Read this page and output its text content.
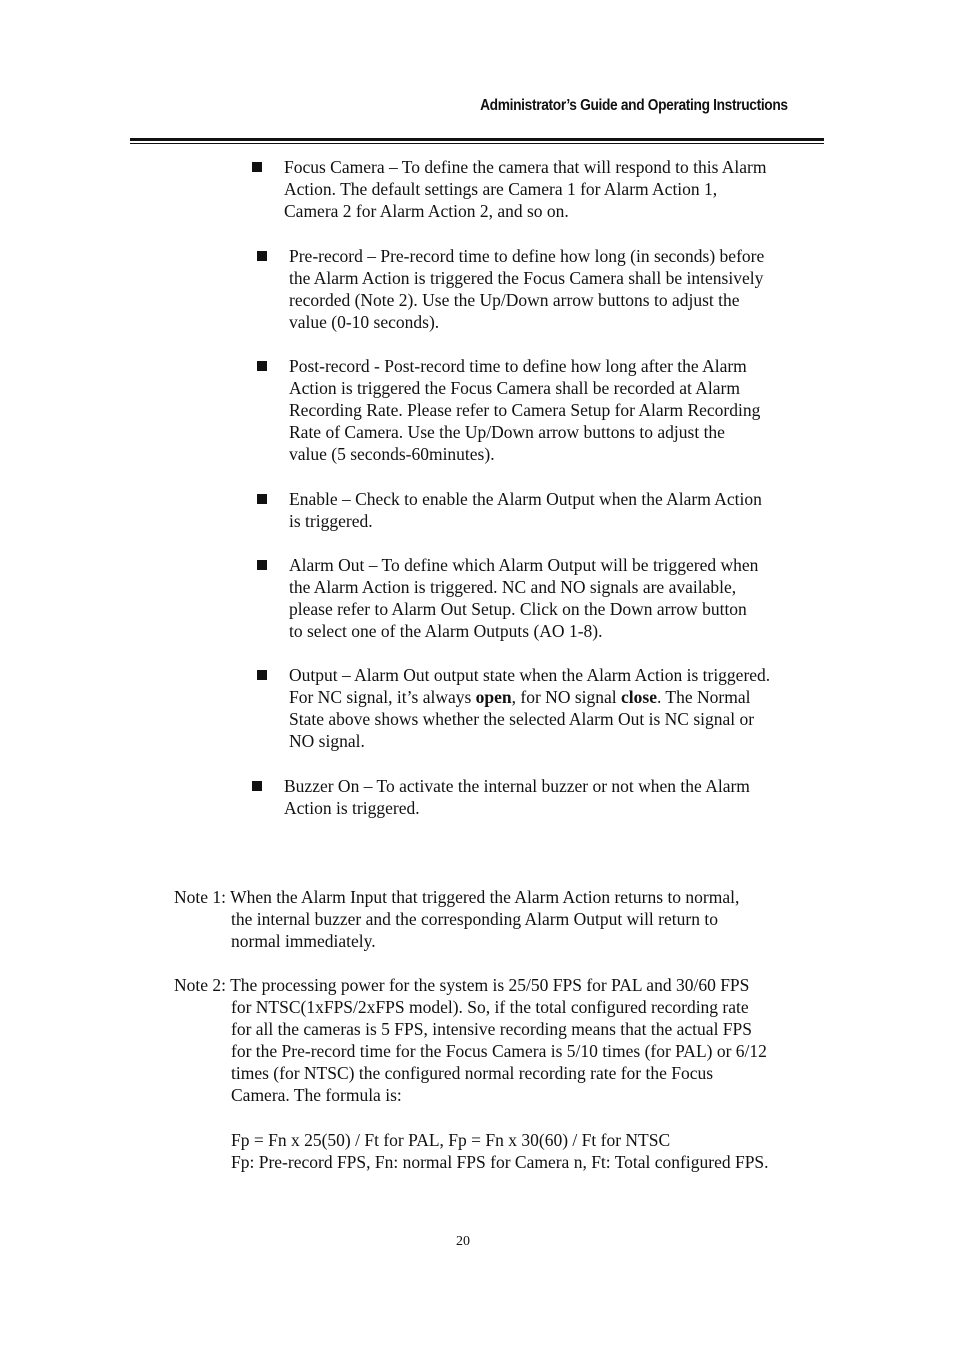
Administrator’s Guide and Operating Instructions
Focus Camera – To define the camera that will respond to this Alarm
Action. The default settings are Camera 1 for Alarm Action 1,
Camera 2 for Alarm Action 2, and so on.
Pre-record – Pre-record time to define how long (in seconds) before
the Alarm Action is triggered the Focus Camera shall be intensively
recorded (Note 2). Use the Up/Down arrow buttons to adjust the
value (0-10 seconds).
Post-record - Post-record time to define how long after the Alarm
Action is triggered the Focus Camera shall be recorded at Alarm
Recording Rate. Please refer to Camera Setup for Alarm Recording
Rate of Camera. Use the Up/Down arrow buttons to adjust the
value (5 seconds-60minutes).
Enable – Check to enable the Alarm Output when the Alarm Action
is triggered.
Alarm Out – To define which Alarm Output will be triggered when
the Alarm Action is triggered. NC and NO signals are available,
please refer to Alarm Out Setup. Click on the Down arrow button
to select one of the Alarm Outputs (AO 1-8).
Output – Alarm Out output state when the Alarm Action is triggered.
For NC signal, it’s always open, for NO signal close. The Normal
State above shows whether the selected Alarm Out is NC signal or
NO signal.
Buzzer On – To activate the internal buzzer or not when the Alarm
Action is triggered.
Note 1: When the Alarm Input that triggered the Alarm Action returns to normal,
the internal buzzer and the corresponding Alarm Output will return to
normal immediately.
Note 2: The processing power for the system is 25/50 FPS for PAL and 30/60 FPS
for NTSC(1xFPS/2xFPS model). So, if the total configured recording rate
for all the cameras is 5 FPS, intensive recording means that the actual FPS
for the Pre-record time for the Focus Camera is 5/10 times (for PAL) or 6/12
times (for NTSC) the configured normal recording rate for the Focus
Camera. The formula is:
Fp = Fn x 25(50) / Ft for PAL, Fp = Fn x 30(60) / Ft for NTSC
Fp: Pre-record FPS, Fn: normal FPS for Camera n, Ft: Total configured FPS.
20
